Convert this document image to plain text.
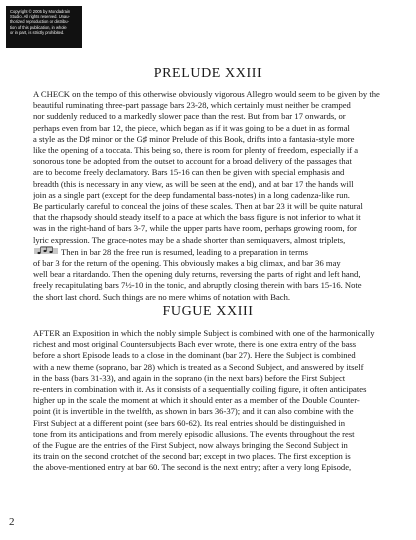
Copyright © 2005 by Mondadrain
Studio. All rights reserved. Unau-
thorized reproduction or distribu-
tion of this publication, in whole
or in part, is strictly prohibited.
PRELUDE XXIII
A CHECK on the tempo of this otherwise obviously vigorous Allegro would seem to be given by the
beautiful ruminating three-part passage bars 23-28, which certainly must neither be cramped
nor suddenly reduced to a markedly slower pace than the rest. But from bar 17 onwards, or
perhaps even from bar 12, the piece, which began as if it was going to be a duet in as formal
a style as the D♯ minor or the G♯ minor Prelude of this Book, drifts into a fantasia-style more
like the opening of a toccata. This being so, there is room for plenty of freedom, especially if a
sonorous tone be adopted from the outset to account for a broad delivery of the passages that
are to become freely declamatory. Bars 15-16 can then be given with special emphasis and
breadth (this is necessary in any view, as will be seen at the end), and at bar 17 the hands will
join as a single part (except for the deep fundamental bass-notes) in a long cadenza-like run.
Be particularly careful to conceal the joins of these scales. Then at bar 23 it will be quite natural
that the rhapsody should steady itself to a pace at which the bass figure is not inferior to what it
was in the right-hand of bars 3-7, while the upper parts have room, perhaps growing room, for
lyric expression. The grace-notes may be a shade shorter than semiquavers, almost triplets,
Then in bar 28 the free run is resumed, leading to a preparation in terms
of bar 3 for the return of the opening. This obviously makes a big climax, and bar 36 may
well bear a ritardando. Then the opening duly returns, reversing the parts of right and left hand,
freely recapitulating bars 7½-10 in the tonic, and abruptly closing therein with bars 15-16. Note
the short last chord. Such things are no mere whims of notation with Bach.
FUGUE XXIII
AFTER an Exposition in which the nobly simple Subject is combined with one of the harmonically
richest and most original Countersubjects Bach ever wrote, there is one extra entry of the bass
before a short Episode leads to a close in the dominant (bar 27). Here the Subject is combined
with a new theme (soprano, bar 28) which is treated as a Second Subject, and answered by itself
in the bass (bars 31-33), and again in the soprano (in the next bars) before the First Subject
re-enters in combination with it. As it consists of a sequentially coiling figure, it often anticipates
higher up in the scale the moment at which it should enter as a member of the Double Counter-
point (it is invertible in the twelfth, as shown in bars 36-37); and it can also combine with the
First Subject at a different point (see bars 60-62). Its real entries should be distinguished in
tone from its anticipations and from merely episodic allusions. The events throughout the rest
of the Fugue are the entries of the First Subject, now always bringing the Second Subject in
its train on the second crotchet of the second bar; except in two places. The first exception is
the above-mentioned entry at bar 60. The second is the next entry; after a very long Episode,
2
